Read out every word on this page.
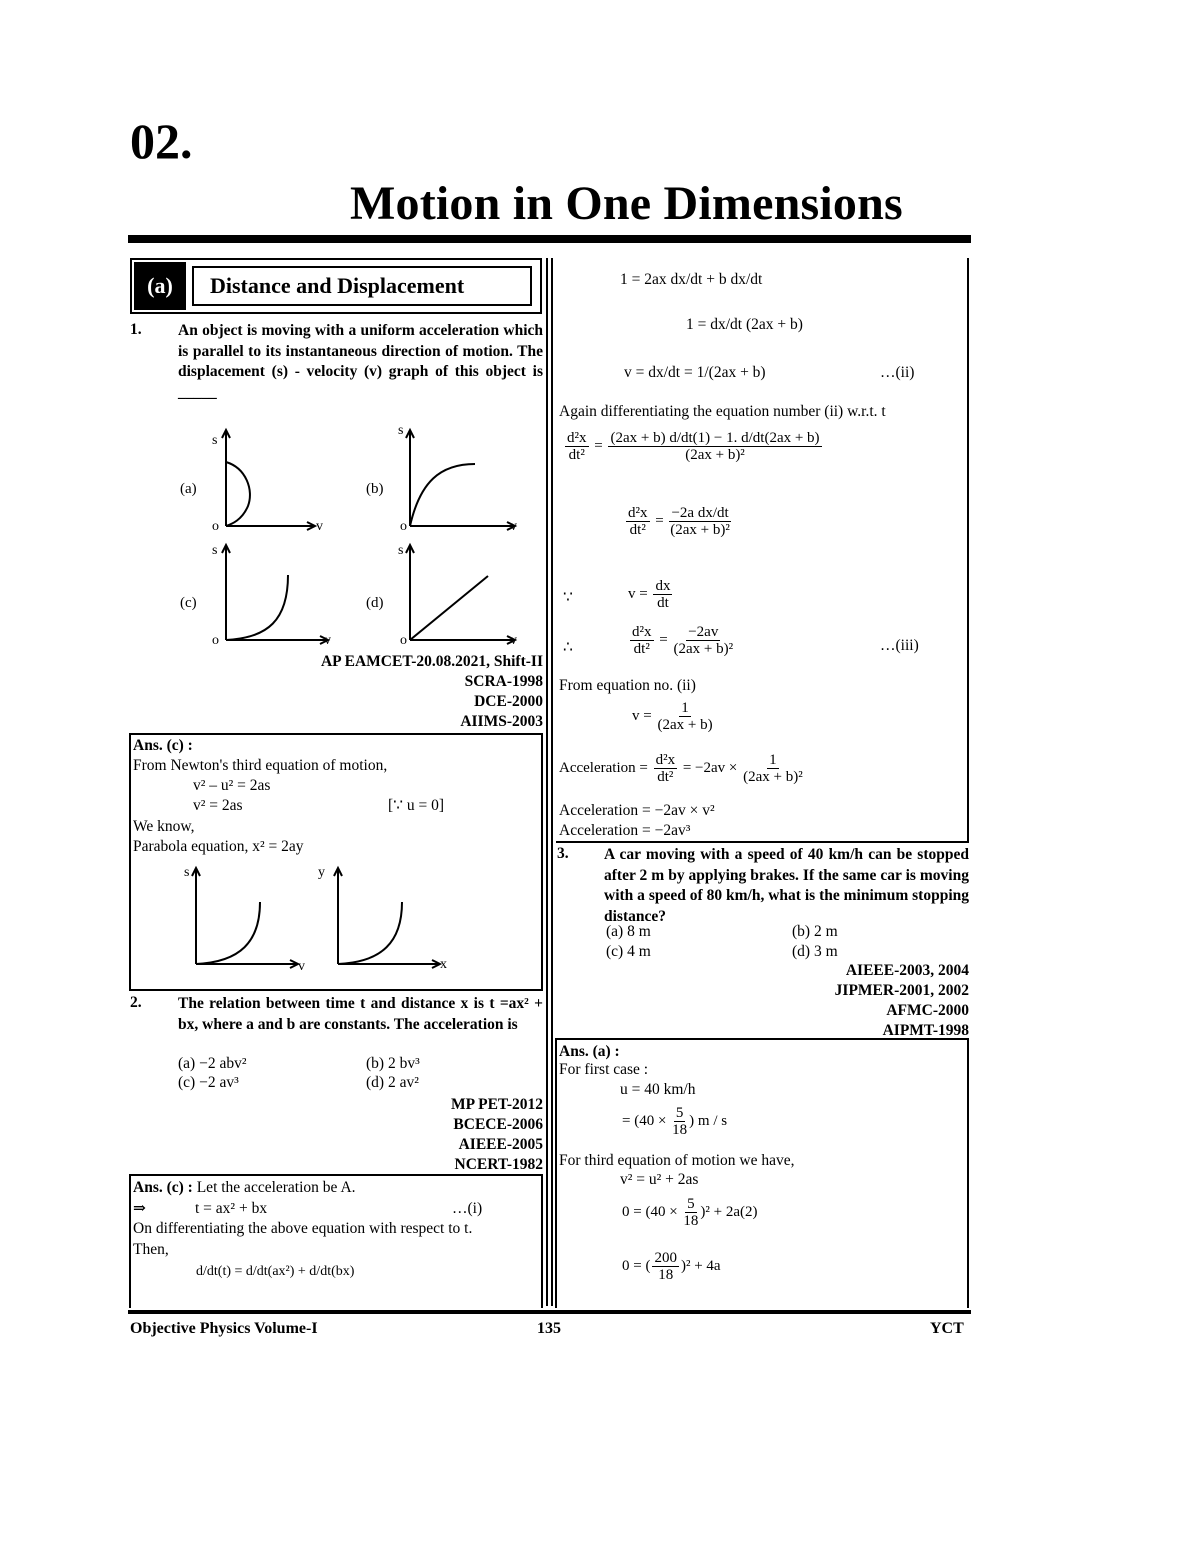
02.
Motion in One Dimensions
(a)	Distance and Displacement
1. An object is moving with a uniform acceleration which is parallel to its instantaneous direction of motion. The displacement (s) - velocity (v) graph of this object is _____
s
s
s	s
v	v
v	v
o	o
o	o
(a)	(b)
(c)	(d)
AP EAMCET-20.08.2021, Shift-II
SCRA-1998
DCE-2000
AIIMS-2003
Ans. (c) :
From Newton's third equation of motion,
v² – u² = 2as
v² = 2as	[∵ u = 0]
We know,
Parabola equation, x² = 2ay
s	y
v	x
2. The relation between time t and distance x is t =ax² + bx, where a and b are constants. The acceleration is
(a) −2 abv²	(b) 2 bv³
(c) −2 av³	(d) 2 av²
MP PET-2012
BCECE-2006
AIEEE-2005
NCERT-1982
Ans. (c) : Let the acceleration be A.
⇒	t = ax² + bx	…(i)
On differentiating the above equation with respect to t.
Then,
d/dt(t) = d/dt(ax²) + d/dt(bx)
1 = 2ax dx/dt + b dx/dt
1 = dx/dt (2ax + b)
v = dx/dt = 1/(2ax + b)	…(ii)
Again differentiating the equation number (ii) w.r.t. t
$\frac{\text{d²x}}{\text{dt²}} = \frac{(2ax + b) d/dt(1) - 1. d/dt(2ax + b)}{\text{(2ax + b)²}}$
$\frac{\text{d²x}}{\text{dt²}} = \frac{\text{−2a dx/dt}}{\text{(2ax + b)²}}$
∵	$v = \frac{dx}{dt}$
∴	$\frac{\text{d²x}}{\text{dt²}} = \frac{-2av}{\text{(2ax + b)²}}$	…(iii)
From equation no. (ii)
$v = \frac{1}{(2ax + b)}$
Acceleration = $\frac{\text{d²x}}{\text{dt²}} = -2av \times \frac{1}{\text{(2ax + b)²}}$
Acceleration = −2av × v²
Acceleration = −2av³
3. A car moving with a speed of 40 km/h can be stopped after 2 m by applying brakes. If the same car is moving with a speed of 80 km/h, what is the minimum stopping distance?
(a) 8 m	(b) 2 m
(c) 4 m	(d) 3 m
AIEEE-2003, 2004
JIPMER-2001, 2002
AFMC-2000
AIPMT-1998
Ans. (a) :
For first case :
u = 40 km/h
= ($40 \times \frac{5}{18}$ ) m / s
For third equation of motion we have,
v² = u² + 2as
$0 = (40 \times \frac{5}{18} )^2 + 2a(2)$
0 = ( $\frac{200}{18} )^2 + 4a$
Objective Physics Volume-I	135	YCT
